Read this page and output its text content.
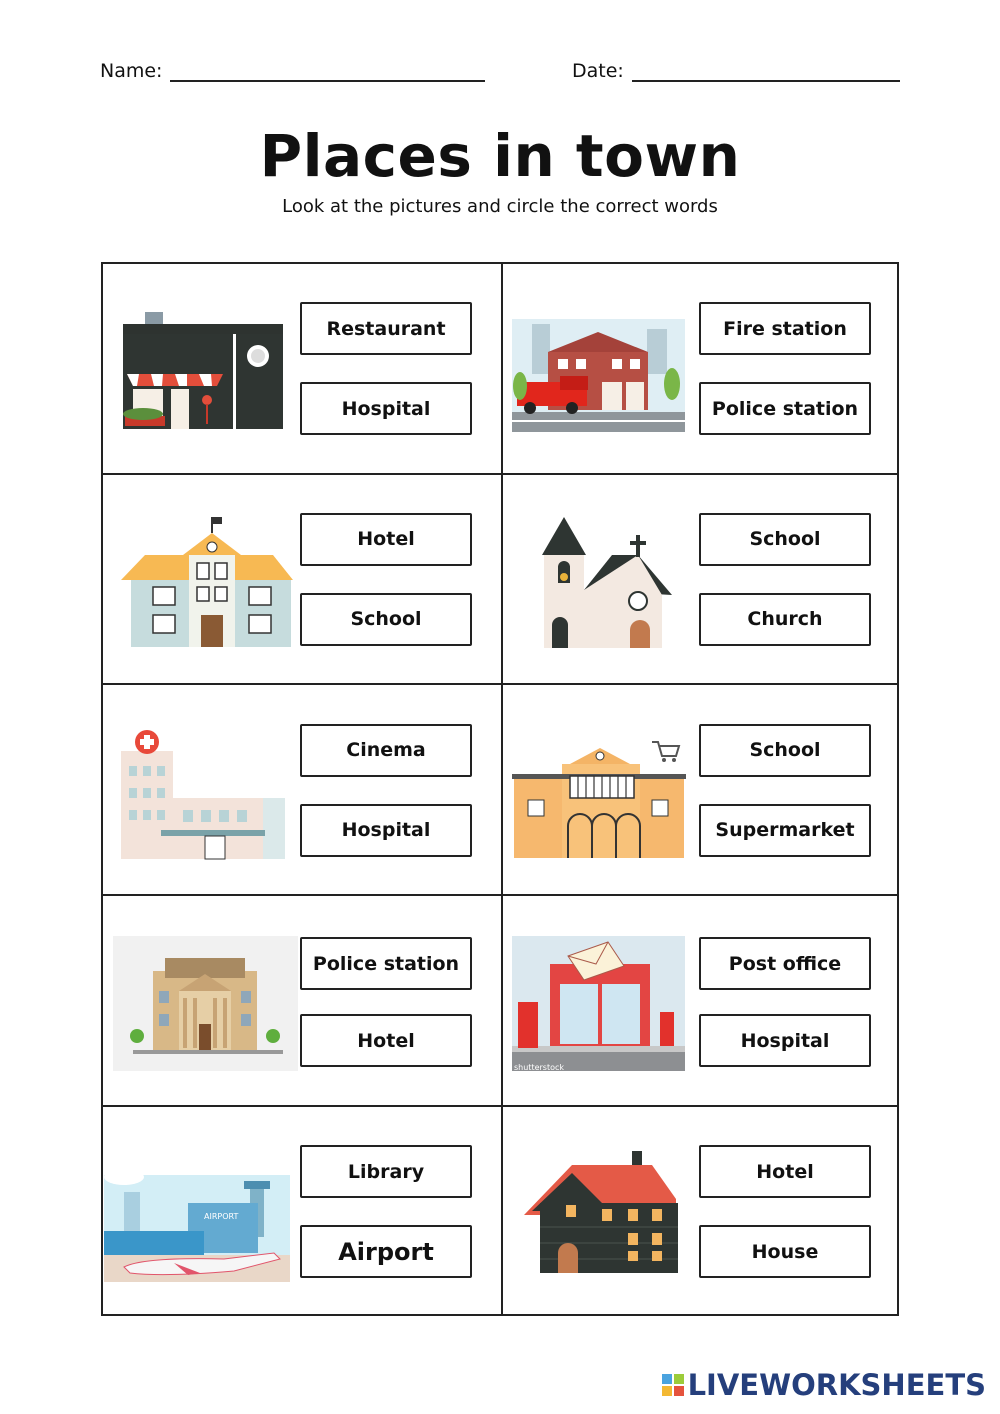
Name:	Date:
Places in town
Look at the pictures and circle the correct words
Restaurant
Hospital
Fire station
Police station
Hotel
School
School
Church
Cinema
Hospital
School
Supermarket
Police station
Hotel
shutterstock
Post office
Hospital
AIRPORT
Library
Airport
Hotel
House
LIVEWORKSHEETS
